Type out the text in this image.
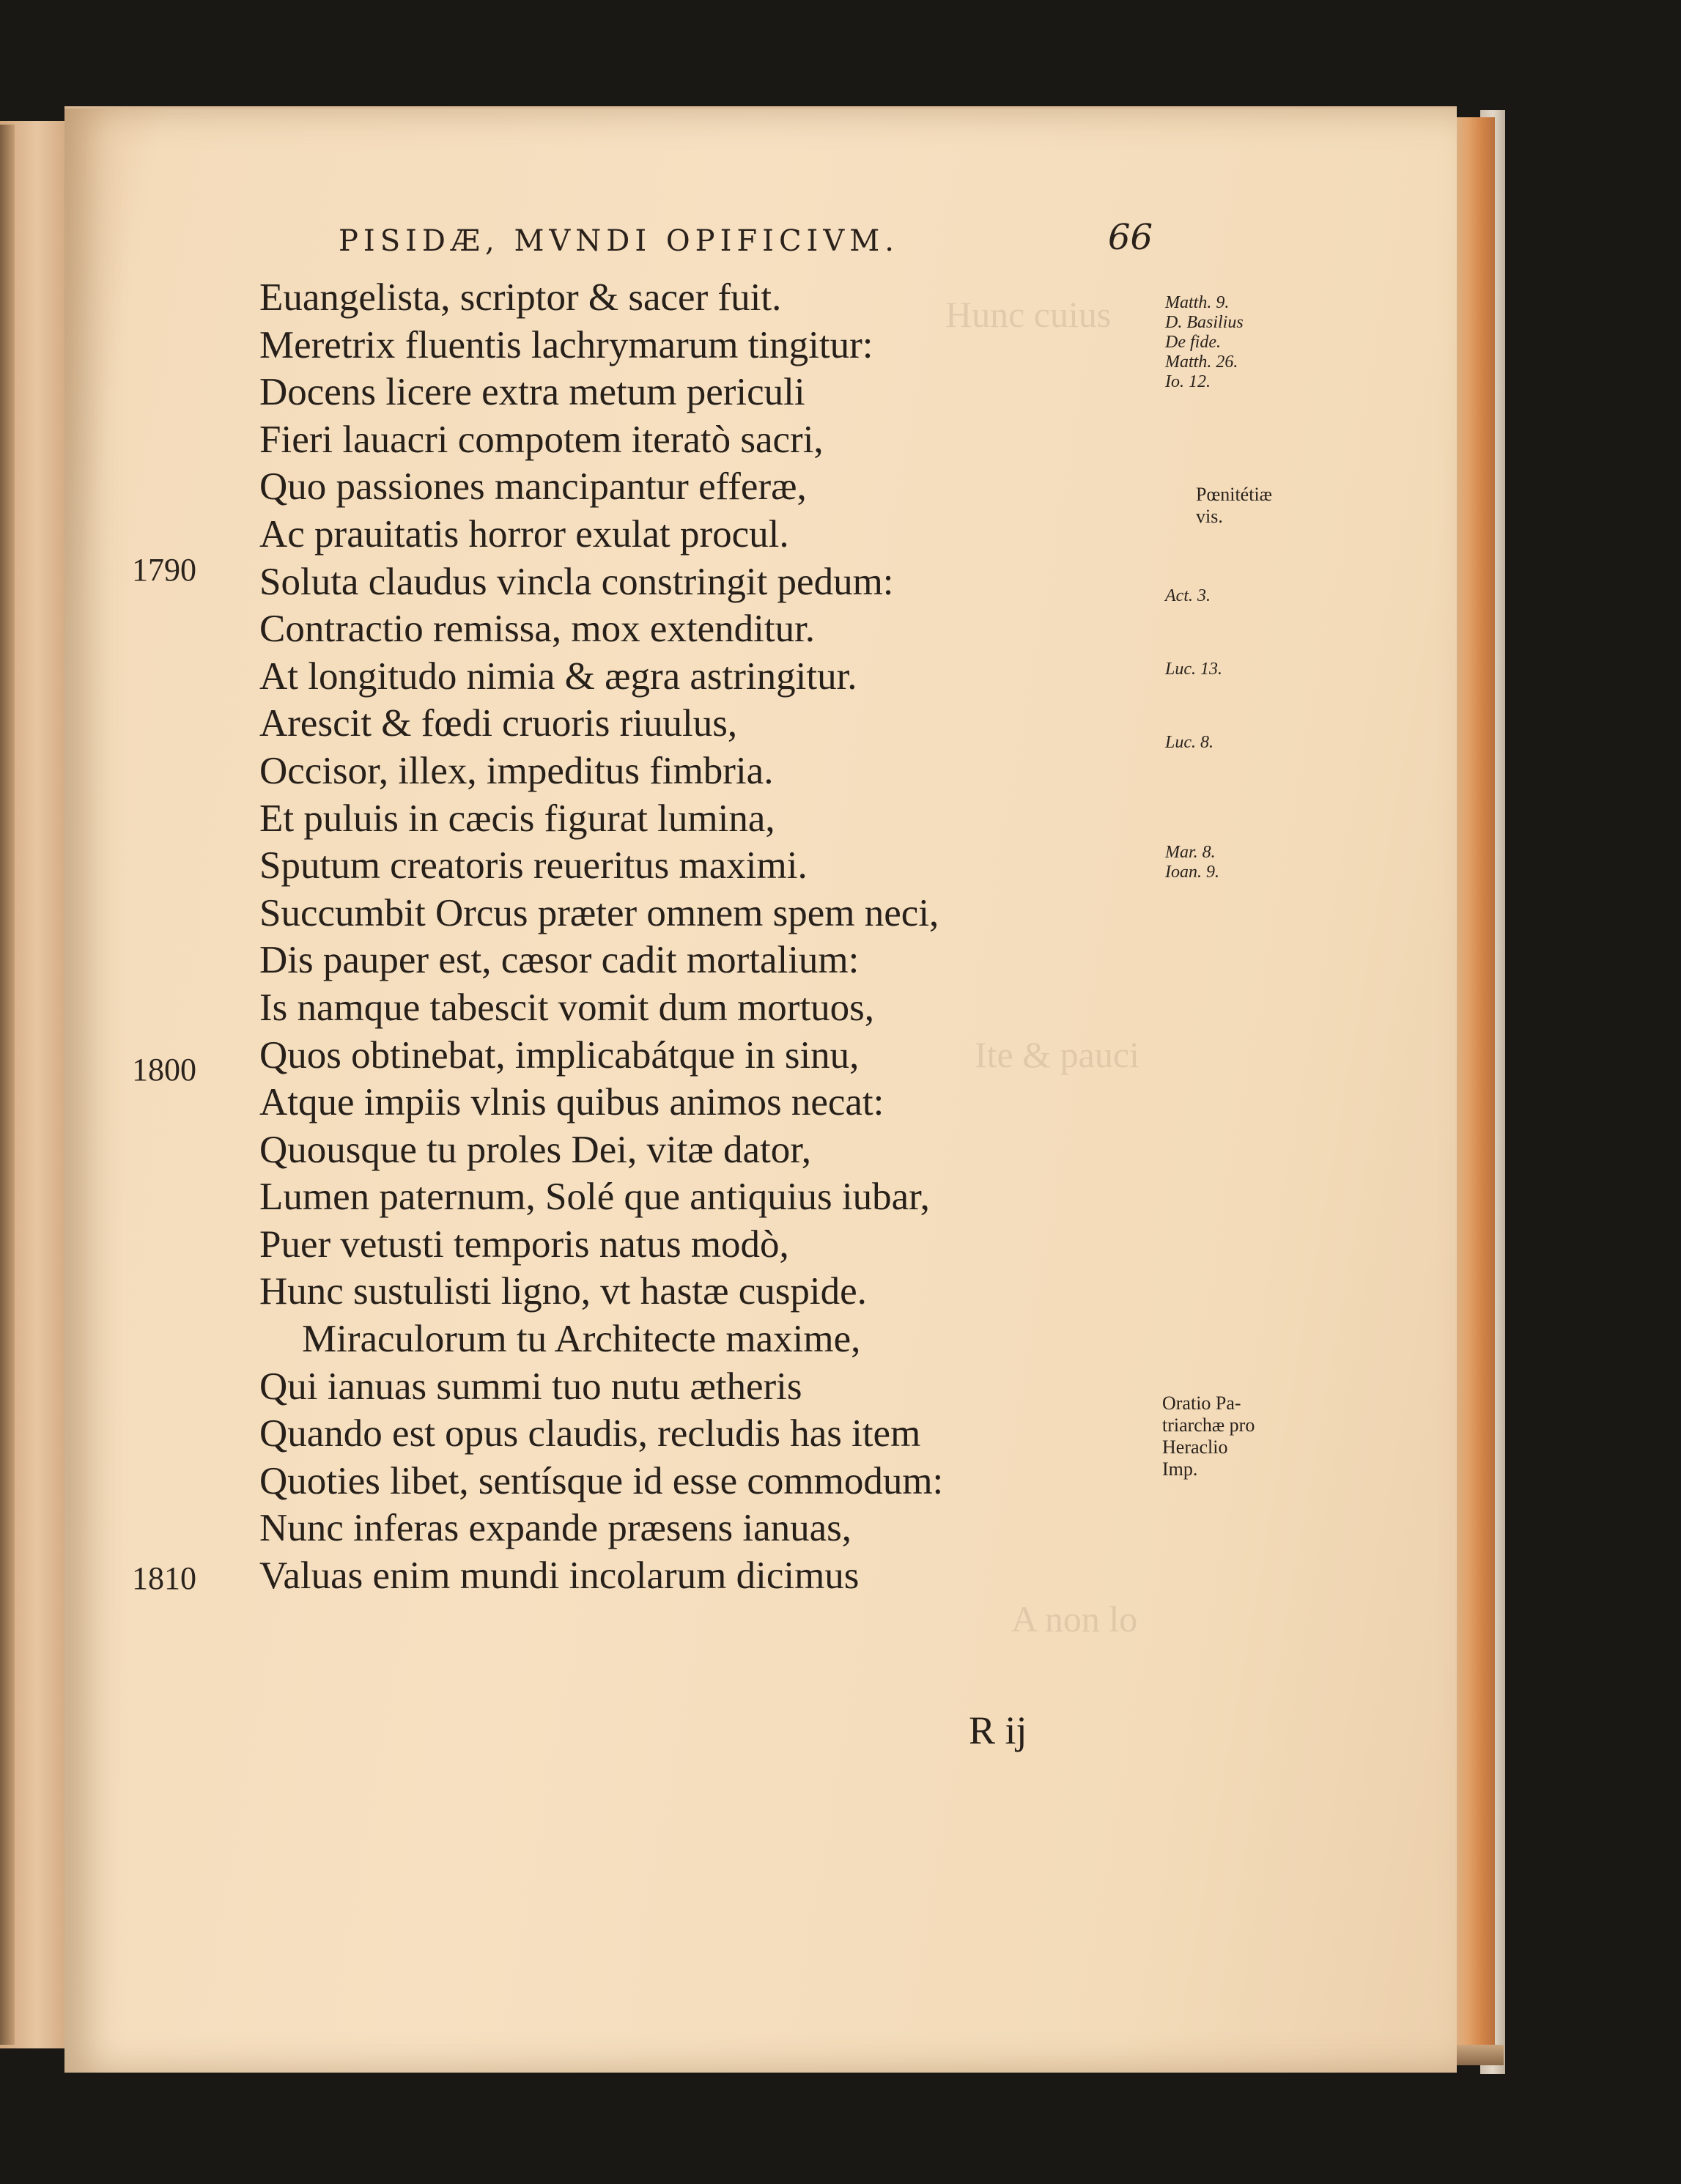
Hunc cuius
Ite & pauci
A non lo
PISIDÆ, MVNDI OPIFICIVM.	66
Euangelista, scriptor & sacer fuit.
Meretrix fluentis lachrymarum tingitur:
Docens licere extra metum periculi
Fieri lauacri compotem iteratò sacri,
Quo passiones mancipantur efferæ,
Ac prauitatis horror exulat procul.
Soluta claudus vincla constringit pedum:
Contractio remissa, mox extenditur.
At longitudo nimia & ægra astringitur.
Arescit & fœdi cruoris riuulus,
Occisor, illex, impeditus fimbria.
Et puluis in cæcis figurat lumina,
Sputum creatoris reueritus maximi.
Succumbit Orcus præter omnem spem neci,
Dis pauper est, cæsor cadit mortalium:
Is namque tabescit vomit dum mortuos,
Quos obtinebat, implicabátque in sinu,
Atque impiis vlnis quibus animos necat:
Quousque tu proles Dei, vitæ dator,
Lumen paternum, Solé que antiquius iubar,
Puer vetusti temporis natus modò,
Hunc sustulisti ligno, vt hastæ cuspide.
Miraculorum tu Architecte maxime,
Qui ianuas summi tuo nutu ætheris
Quando est opus claudis, recludis has item
Quoties libet, sentísque id esse commodum:
Nunc inferas expande præsens ianuas,
Valuas enim mundi incolarum dicimus
1790
1800
1810
Matth. 9.
D. Basilius
De fide.
Matth. 26.
Io. 12.
Pœnitétiæ
vis.
Act. 3.
Luc. 13.
Luc. 8.
Mar. 8.
Ioan. 9.
Oratio Pa-
triarchæ pro
Heraclio
Imp.
R ij
